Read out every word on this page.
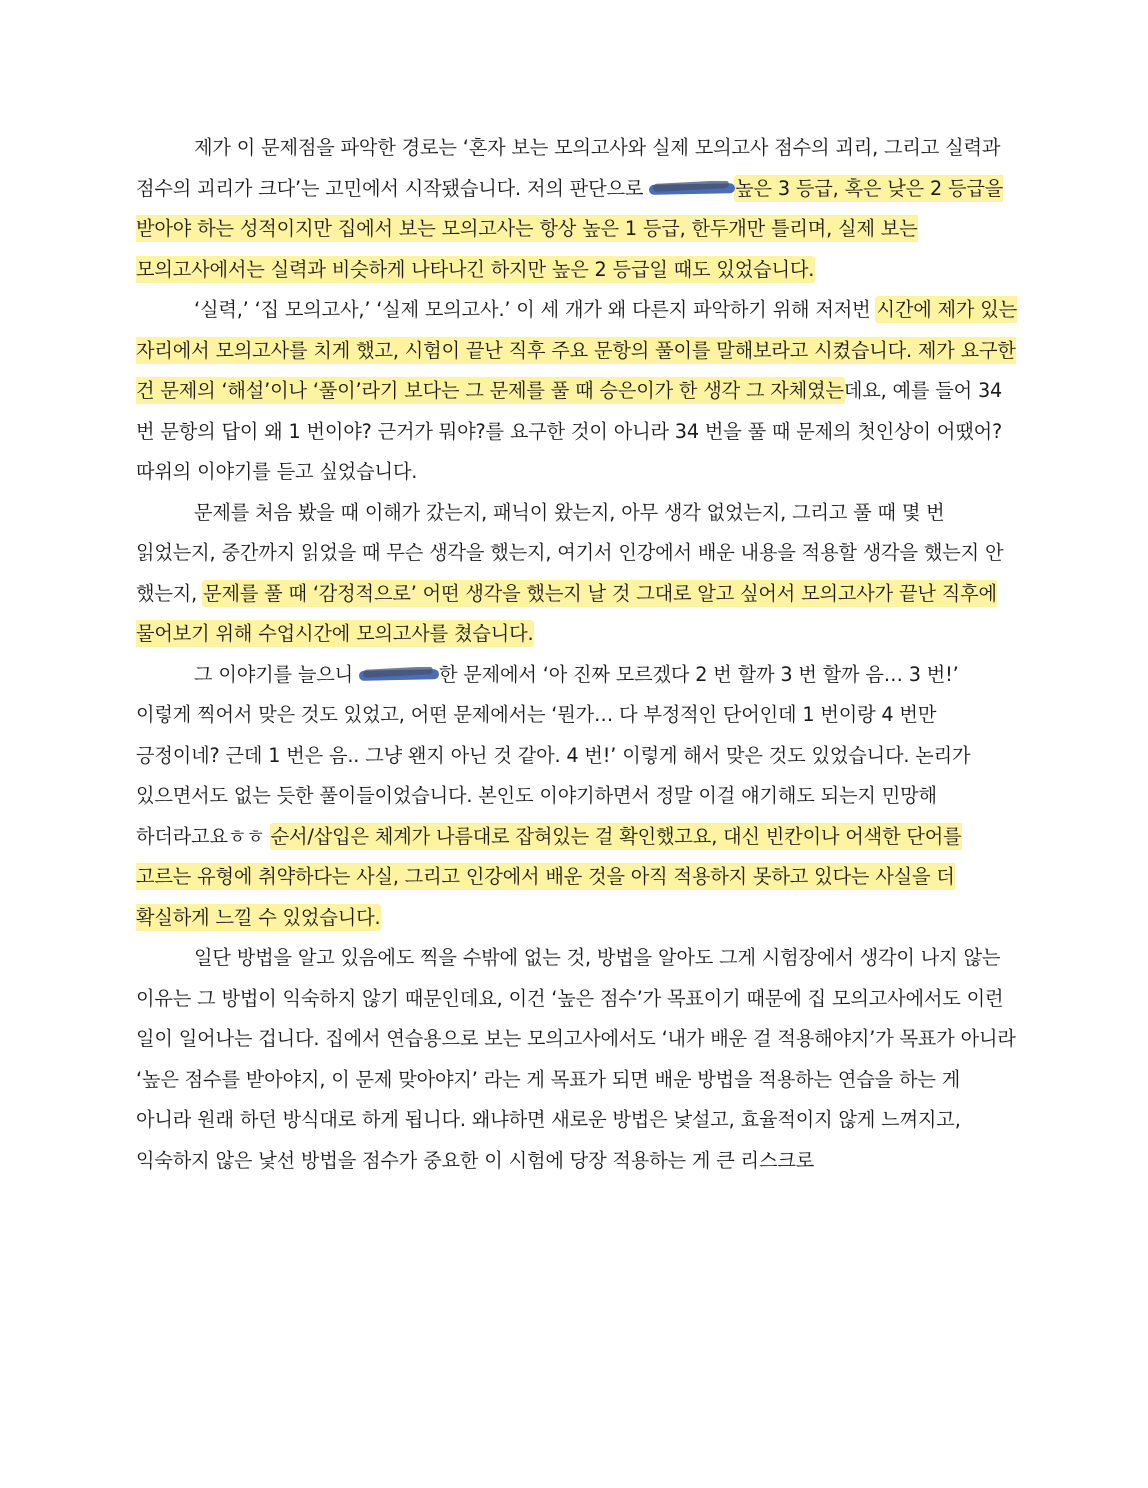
제가 이 문제점을 파악한 경로는 ‘혼자 보는 모의고사와 실제 모의고사 점수의 괴리, 그리고 실력과 점수의 괴리가 크다’는 고민에서 시작됐습니다. 저의 판단으로	높은 3 등급, 혹은 낮은 2 등급을 받아야 하는 성적이지만 집에서 보는 모의고사는 항상 높은 1 등급, 한두개만 틀리며, 실제 보는 모의고사에서는 실력과 비슷하게 나타나긴 하지만 높은 2 등급일 때도 있었습니다.

‘실력,’ ‘집 모의고사,’ ‘실제 모의고사.’ 이 세 개가 왜 다른지 파악하기 위해 저저번 시간에 제가 있는 자리에서 모의고사를 치게 했고, 시험이 끝난 직후 주요 문항의 풀이를 말해보라고 시켰습니다. 제가 요구한 건 문제의 ‘해설’이나 ‘풀이’라기 보다는 그 문제를 풀 때 승은이가 한 생각 그 자체였는데요, 예를 들어 34 번 문항의 답이 왜 1 번이야? 근거가 뭐야?를 요구한 것이 아니라 34 번을 풀 때 문제의 첫인상이 어땠어? 따위의 이야기를 듣고 싶었습니다.

문제를 처음 봤을 때 이해가 갔는지, 패닉이 왔는지, 아무 생각 없었는지, 그리고 풀 때 몇 번 읽었는지, 중간까지 읽었을 때 무슨 생각을 했는지, 여기서 인강에서 배운 내용을 적용할 생각을 했는지 안 했는지, 문제를 풀 때 ‘감정적으로’ 어떤 생각을 했는지 날 것 그대로 알고 싶어서 모의고사가 끝난 직후에 물어보기 위해 수업시간에 모의고사를 쳤습니다.

그 이야기를 늘으니	한 문제에서 ‘아 진짜 모르겠다 2 번 할까 3 번 할까 음… 3 번!’ 이렇게 찍어서 맞은 것도 있었고, 어떤 문제에서는 ‘뭔가… 다 부정적인 단어인데 1 번이랑 4 번만 긍정이네? 근데 1 번은 음.. 그냥 왠지 아닌 것 같아. 4 번!’ 이렇게 해서 맞은 것도 있었습니다. 논리가 있으면서도 없는 듯한 풀이들이었습니다. 본인도 이야기하면서 정말 이걸 얘기해도 되는지 민망해 하더라고요ㅎㅎ 순서/삽입은 체계가 나름대로 잡혀있는 걸 확인했고요, 대신 빈칸이나 어색한 단어를 고르는 유형에 취약하다는 사실, 그리고 인강에서 배운 것을 아직 적용하지 못하고 있다는 사실을 더 확실하게 느낄 수 있었습니다.

일단 방법을 알고 있음에도 찍을 수밖에 없는 것, 방법을 알아도 그게 시험장에서 생각이 나지 않는 이유는 그 방법이 익숙하지 않기 때문인데요, 이건 ‘높은 점수’가 목표이기 때문에 집 모의고사에서도 이런 일이 일어나는 겁니다. 집에서 연습용으로 보는 모의고사에서도 ‘내가 배운 걸 적용해야지’가 목표가 아니라 ‘높은 점수를 받아야지, 이 문제 맞아야지’ 라는 게 목표가 되면 배운 방법을 적용하는 연습을 하는 게 아니라 원래 하던 방식대로 하게 됩니다. 왜냐하면 새로운 방법은 낯설고, 효율적이지 않게 느껴지고, 익숙하지 않은 낯선 방법을 점수가 중요한 이 시험에 당장 적용하는 게 큰 리스크로
